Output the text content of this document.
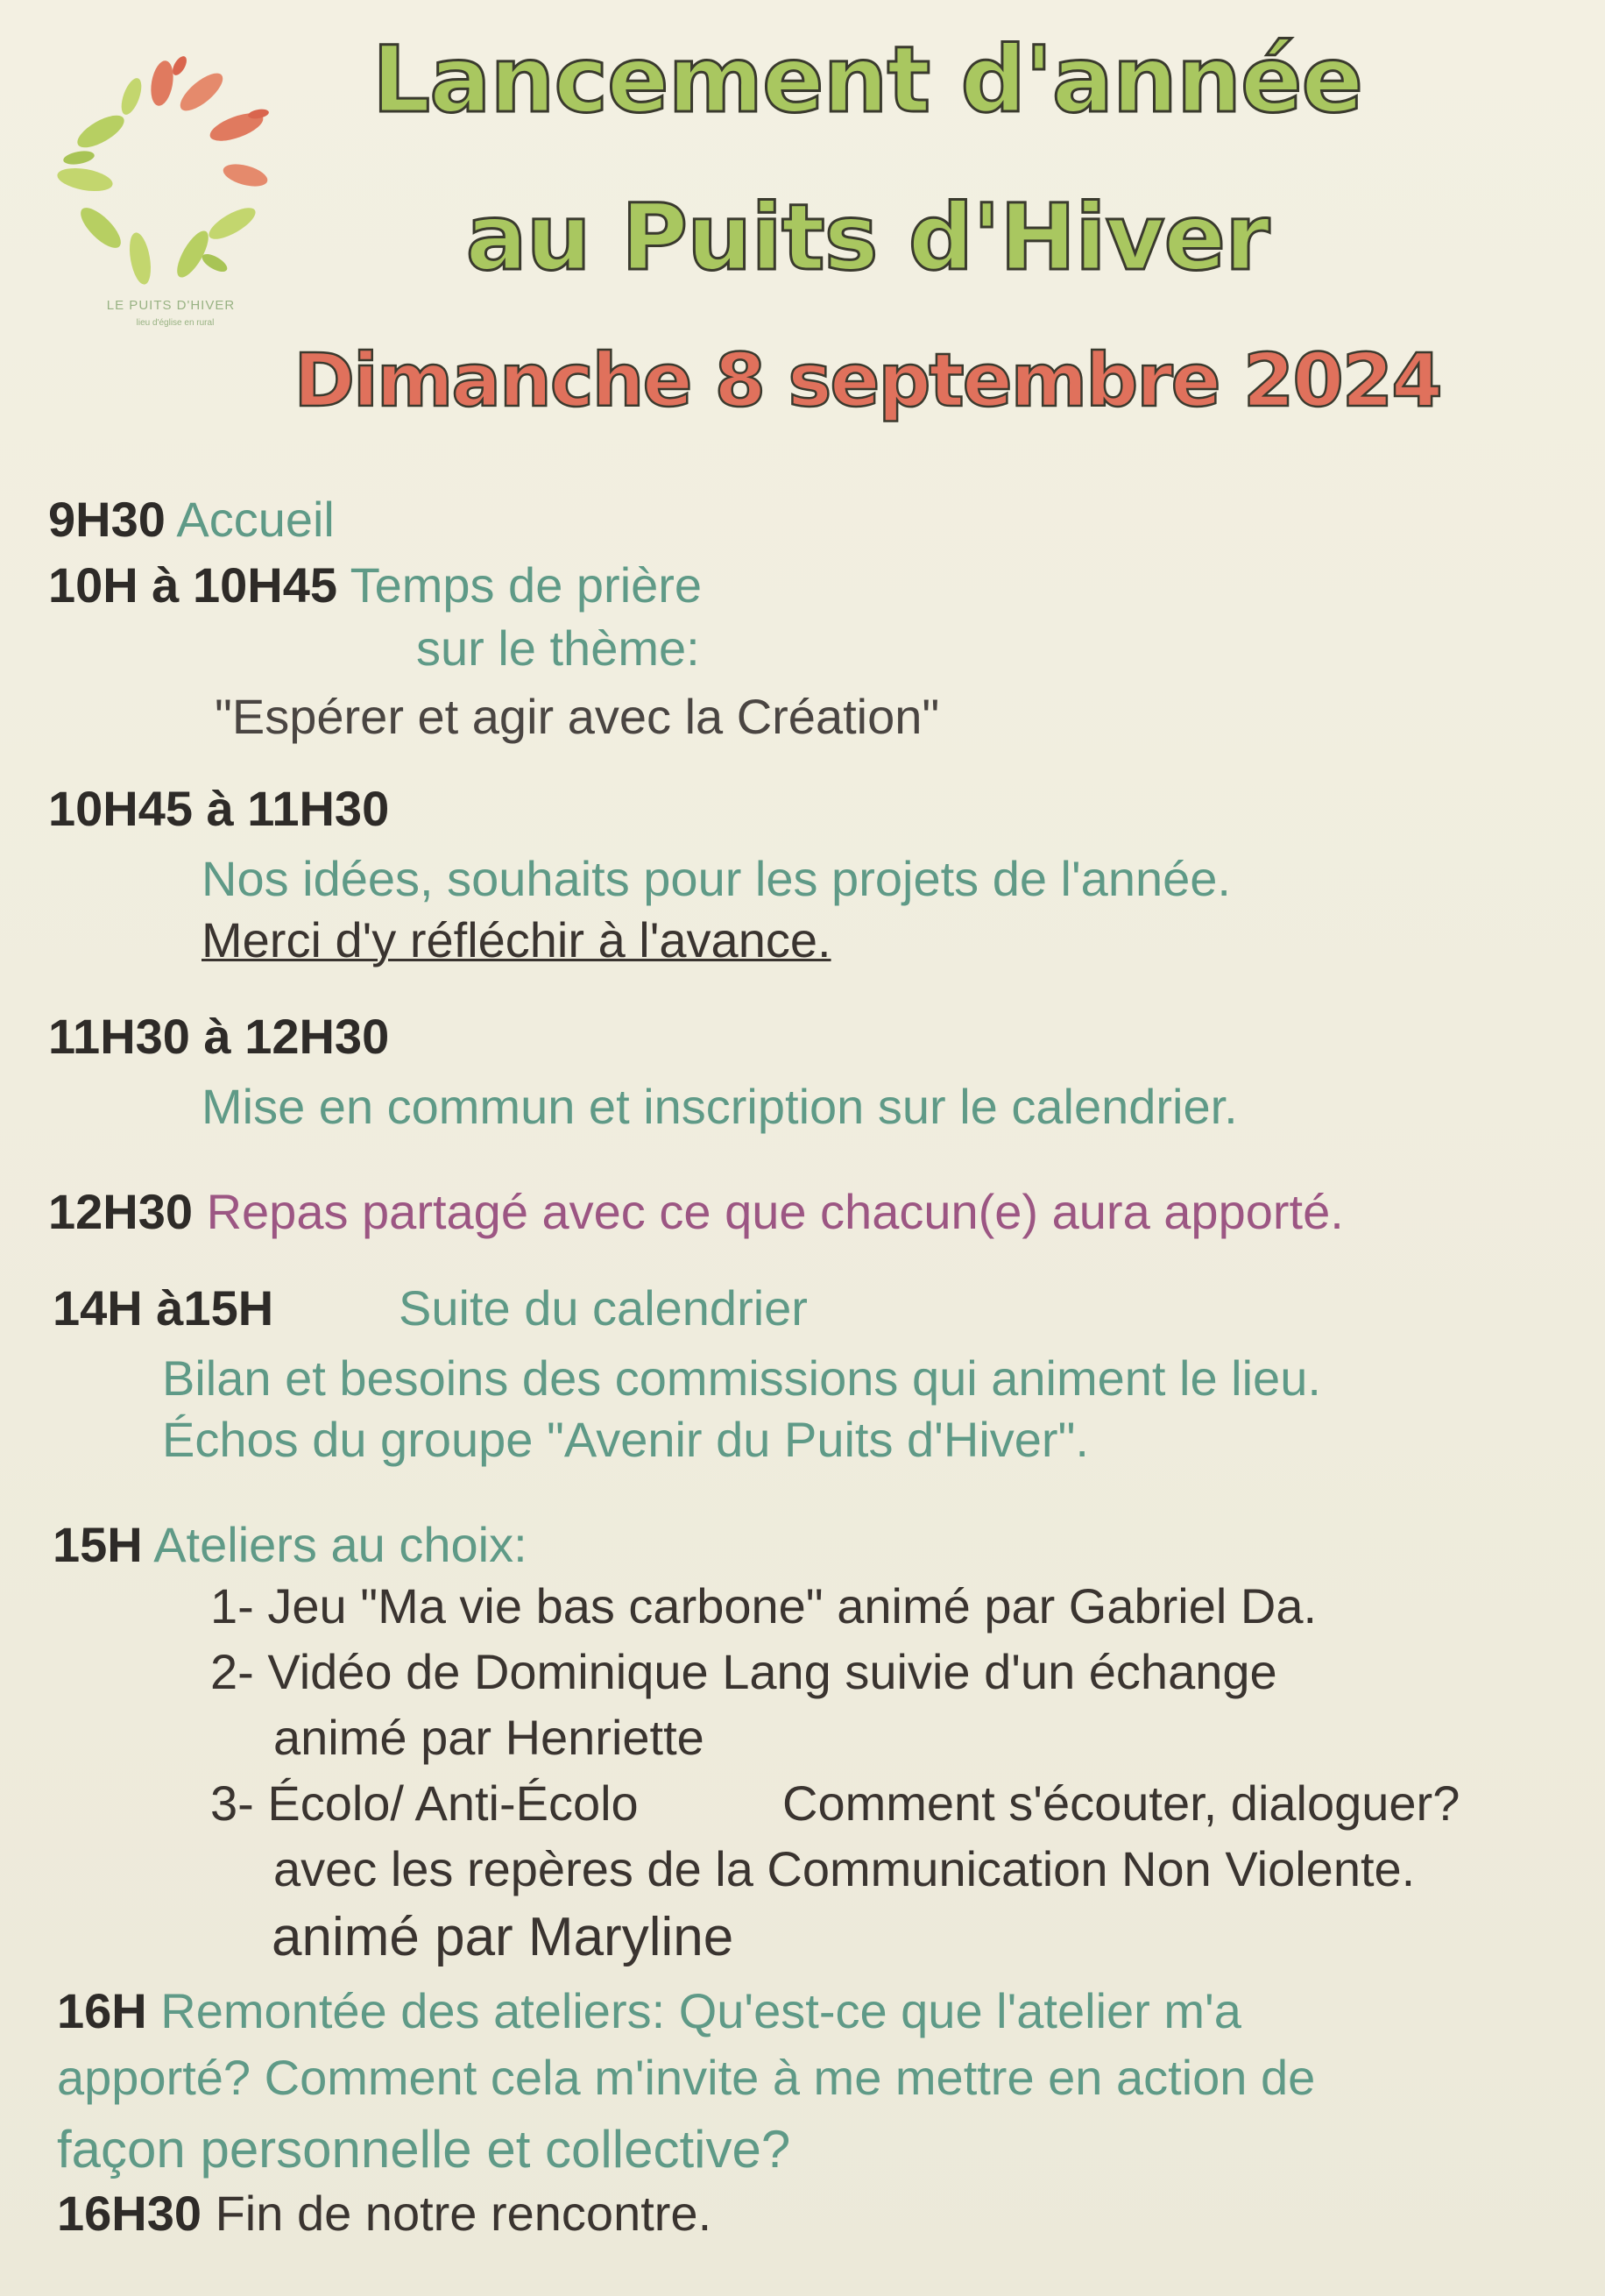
LE PUITS D'HIVER
lieu d'église en rural
Lancement d'année
au Puits d'Hiver
Dimanche 8 septembre 2024
9H30 Accueil
10H à 10H45 Temps de prière
sur le thème:
"Espérer et agir avec la Création"
10H45 à 11H30
Nos idées, souhaits pour les projets de l'année.
Merci d'y réfléchir à l'avance.
11H30 à 12H30
Mise en commun et inscription sur le calendrier.
12H30 Repas partagé avec ce que chacun(e) aura apporté.
14H à15H	Suite du calendrier
Bilan et besoins des commissions qui animent le lieu.
Échos du groupe "Avenir du Puits d'Hiver".
15H Ateliers au choix:
1- Jeu "Ma vie bas carbone" animé par Gabriel Da.
2- Vidéo de Dominique Lang suivie d'un échange
animé par Henriette
3- Écolo/ Anti-Écolo	Comment s'écouter, dialoguer?
avec les repères de la Communication Non Violente.
animé par Maryline
16H Remontée des ateliers: Qu'est-ce que l'atelier m'a
apporté? Comment cela m'invite à me mettre en action de
façon personnelle et collective?
16H30 Fin de notre rencontre.
